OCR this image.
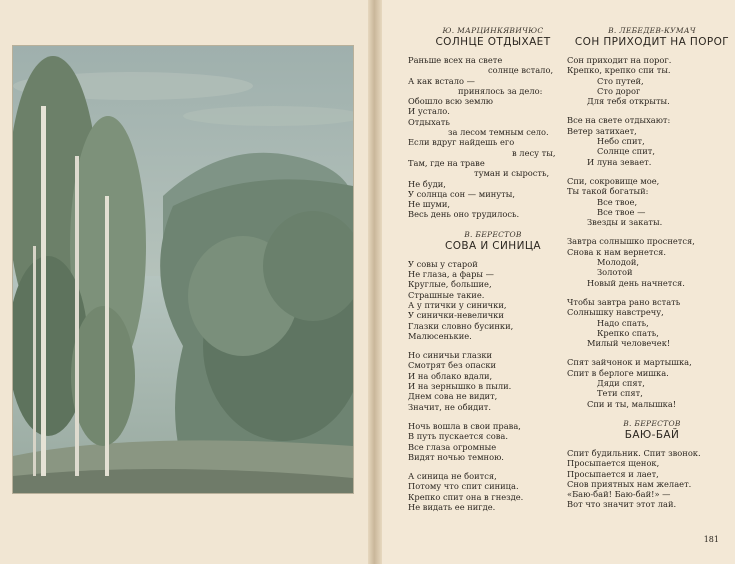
Ю. МАРЦИНКЯВИЧЮС
СОЛНЦЕ ОТДЫХАЕТ
Раньше всех на свете
солнце встало,
А как встало —
принялось за дело:
Обошло всю землю
И устало.
Отдыхать
за лесом темным село.
Если вдруг найдешь его
в лесу ты,
Там, где на траве
туман и сырость,
Не буди,
У солнца сон — минуты,
Не шуми,
Весь день оно трудилось.
В. БЕРЕСТОВ
СОВА И СИНИЦА
У совы у старой
Не глаза, а фары —
Круглые, большие,
Страшные такие.
А у птички у синички,
У синички-невелички
Глазки словно бусинки,
Малюсенькие.
Но синичьи глазки
Смотрят без опаски
И на облако вдали,
И на зернышко в пыли.
Днем сова не видит,
Значит, не обидит.
Ночь вошла в свои права,
В путь пускается сова.
Все глаза огромные
Видят ночью темною.
А синица не боится,
Потому что спит синица.
Крепко спит она в гнезде.
Не видать ее нигде.
В. ЛЕБЕДЕВ-КУМАЧ
СОН ПРИХОДИТ НА ПОРОГ
Сон приходит на порог.
Крепко, крепко спи ты.
Сто путей,
Сто дорог
Для тебя открыты.
Все на свете отдыхают:
Ветер затихает,
Небо спит,
Солнце спит,
И луна зевает.
Спи, сокровище мое,
Ты такой богатый:
Все твое,
Все твое —
Звезды и закаты.
Завтра солнышко проснется,
Снова к нам вернется.
Молодой,
Золотой
Новый день начнется.
Чтобы завтра рано встать
Солнышку навстречу,
Надо спать,
Крепко спать,
Милый человечек!
Спят зайчонок и мартышка,
Спит в берлоге мишка.
Дяди спят,
Тети спят,
Спи и ты, малышка!
В. БЕРЕСТОВ
БАЮ-БАЙ
Спит будильник. Спит звонок.
Просыпается щенок,
Просыпается и лает,
Снов приятных нам желает.
«Баю-бай! Баю-бай!» —
Вот что значит этот лай.
181
